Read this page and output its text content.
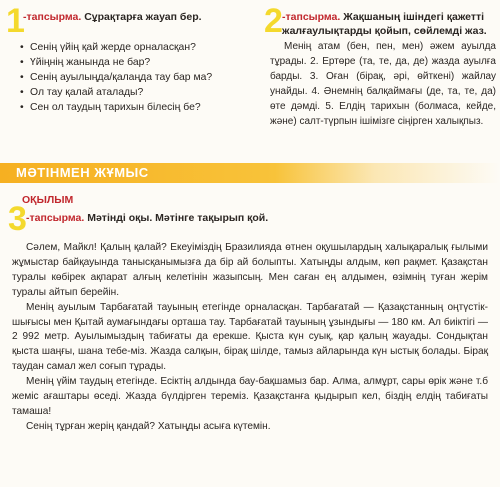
1
-тапсырма. Сұрақтарға жауап бер.
• Сенің үйің қай жерде орналасқан?
• Үйіңнің жанында не бар?
• Сенің ауылыңда/қалаңда тау бар ма?
• Ол тау қалай аталады?
• Сен ол таудың тарихын білесің бе?
2 -тапсырма. Жақшаның ішіндегі қажетті
жалғаулықтарды қойып, сөйлемді жаз.

Менің атам (бен, пен, мен) әжем ауылда тұрады. 2. Ертөре (та, те, да, де) жазда ауылға барды. 3. Оған (бірақ, әрі, өйткені) жайлау унайды. 4. Әнемнің балқаймағы (де, та, те, да) өте дәмді. 5. Елдің тарихын (болмаса, кейде, және) салт-түрпын ішімізге сіңірген халықпыз.

МӘТІНМЕН ЖҰМЫС
ОҚЫЛЫМ
3 -тапсырма. Мәтінді оқы. Мәтінге тақырып қой.

Сәлем, Майкл! Қалың қалай? Екеуіміздің Бразилияда өтнен оқушылардың халықаралық ғылыми жұмыстар байқауында танысқанымызға да бір ай болыпты. Хатыңды алдым, көп рақмет. Қазақстан туралы көбірек ақпарат алғың келетінін жазыпсың. Мен саған ең алдымен, өзімнің туған жерім туралы айтып берейін.

Менің ауылым Тарбағатай тауының етегінде орналасқан. Тарбағатай — Қазақстанның оңтүстік-шығысы мен Қытай аумағындағы орташа тау. Тарбағатай тауының ұзындығы — 180 км. Ал биіктігі — 2 992 метр. Ауылымыздың табиғаты да ерекше. Қыста күн суық, қар қалың жауады. Сондықтан қыста шаңғы, шана тебе-міз. Жазда салқын, бірақ шілде, тамыз айларында күн ыстық болады. Бірақ таудан самал жел соғып тұрады.

Менің үйім таудың етегінде. Есіктің алдында бау-бақшамыз бар. Алма, алмұрт, сары өрік және т.б жеміс ағаштары өседі. Жазда бүлдірген тереміз. Қазақстанға қыдырып кел, біздің елдің табиғаты тамаша!

Сенің тұрған жерің қандай? Хатыңды асыға күтемін.
